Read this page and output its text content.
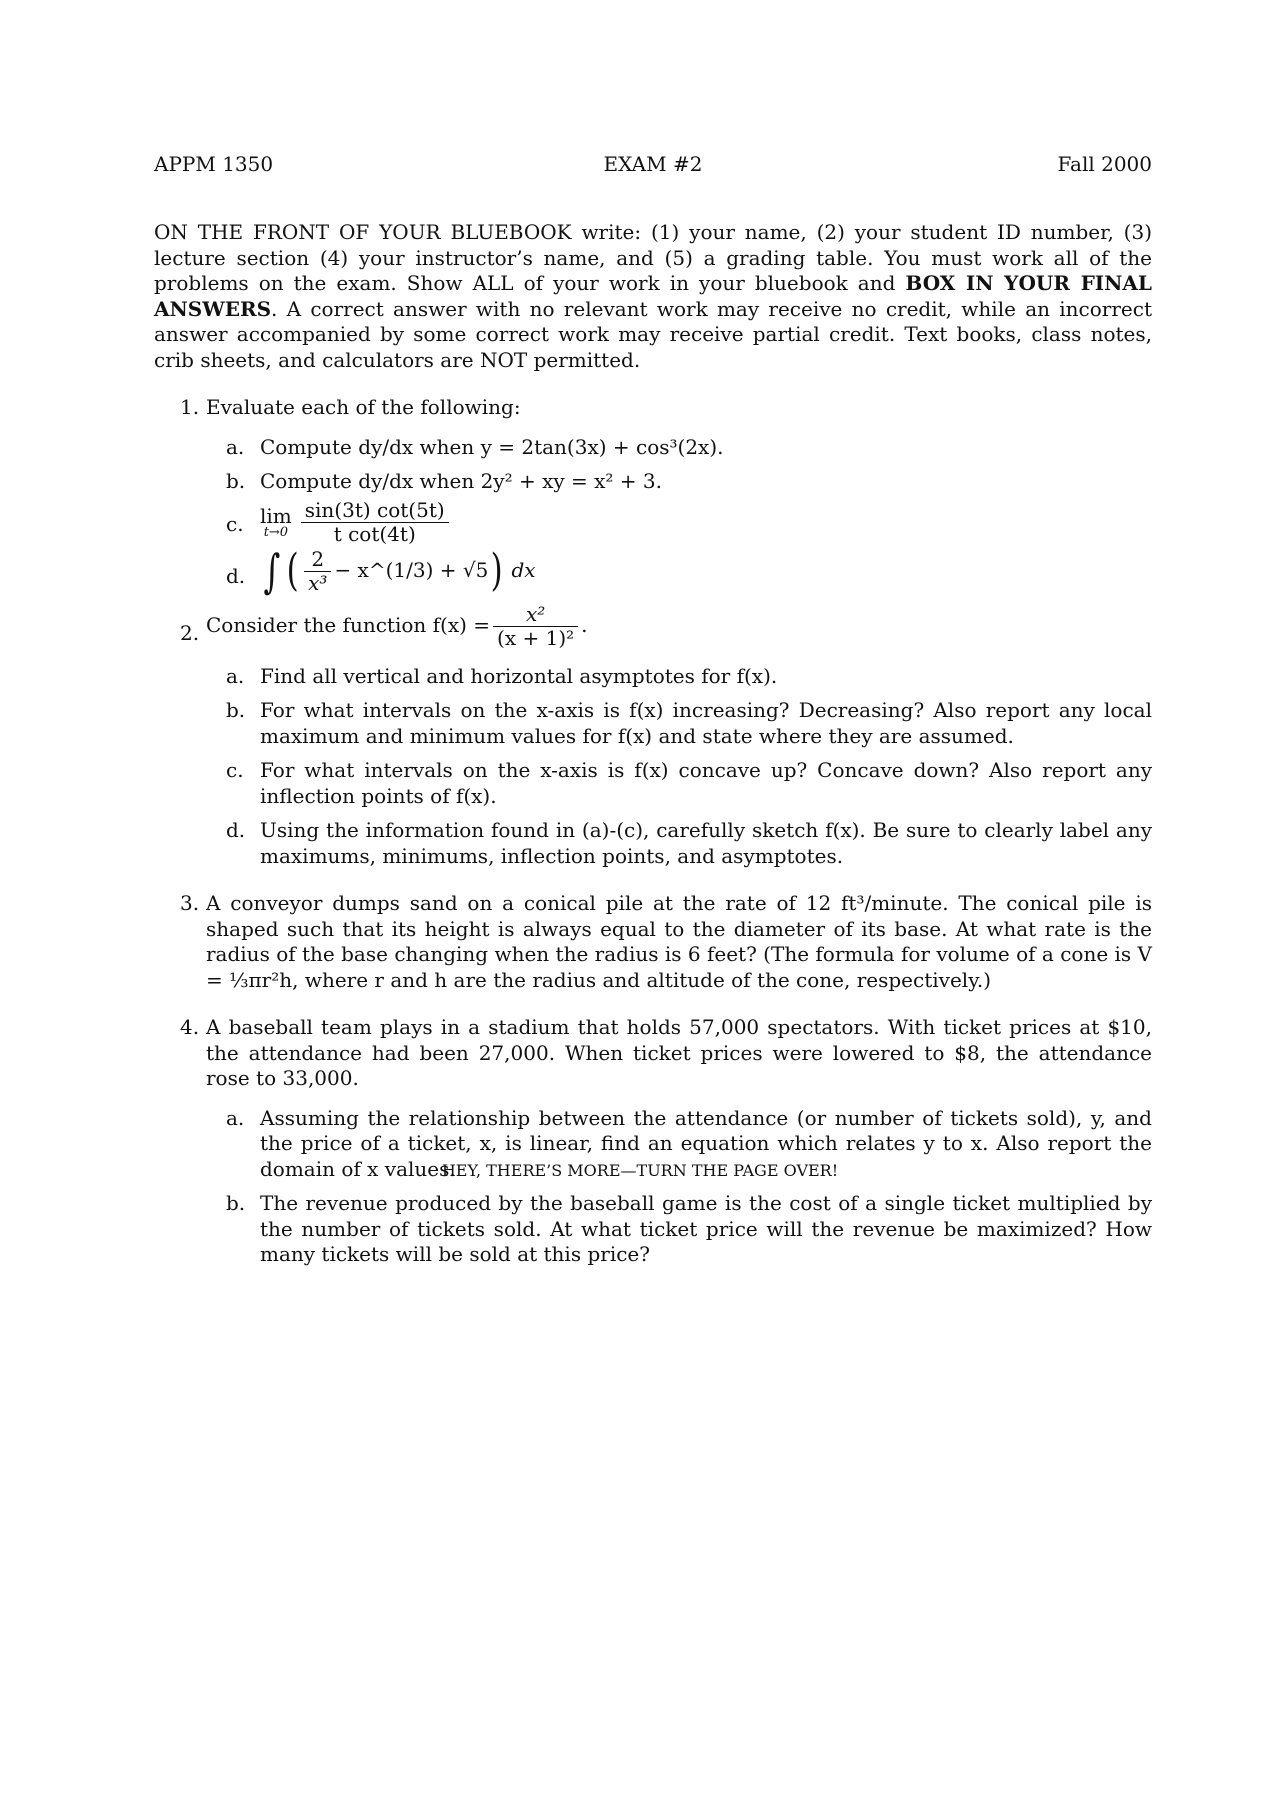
APPM 1350	EXAM #2	Fall 2000
ON THE FRONT OF YOUR BLUEBOOK write: (1) your name, (2) your student ID number, (3) lecture section (4) your instructor’s name, and (5) a grading table. You must work all of the problems on the exam. Show ALL of your work in your bluebook and BOX IN YOUR FINAL ANSWERS. A correct answer with no relevant work may receive no credit, while an incorrect answer accompanied by some correct work may receive partial credit. Text books, class notes, crib sheets, and calculators are NOT permitted.
1. Evaluate each of the following:
a. Compute dy/dx when y = 2tan(3x) + cos³(2x).
b. Compute dy/dx when 2y² + xy = x² + 3.
c. lim
$t\to 0 \frac{\sin(3t) \cot(5t)}{\text{t cot(4t)}}$
d. ∫ ( $\frac{2}{\text{x³}}$ − x^(1/3) + √5 ) dx
2. Consider the function $f(x) = \frac{\text{x²}}{\text{(x + 1)²}}$ .
a. Find all vertical and horizontal asymptotes for f(x).
b. For what intervals on the x-axis is f(x) increasing? Decreasing? Also report any local maximum and minimum values for f(x) and state where they are assumed.
c. For what intervals on the x-axis is f(x) concave up? Concave down? Also report any inflection points of f(x).
d. Using the information found in (a)-(c), carefully sketch f(x). Be sure to clearly label any maximums, minimums, inflection points, and asymptotes.
3. A conveyor dumps sand on a conical pile at the rate of 12 ft³/minute. The conical pile is shaped such that its height is always equal to the diameter of its base. At what rate is the radius of the base changing when the radius is 6 feet? (The formula for volume of a cone is V = ⅓πr²h, where r and h are the radius and altitude of the cone, respectively.)
4. A baseball team plays in a stadium that holds 57,000 spectators. With ticket prices at $10, the attendance had been 27,000. When ticket prices were lowered to $8, the attendance rose to 33,000.
a. Assuming the relationship between the attendance (or number of tickets sold), y, and the price of a ticket, x, is linear, find an equation which relates y to x. Also report the domain of x values.
b. The revenue produced by the baseball game is the cost of a single ticket multiplied by the number of tickets sold. At what ticket price will the revenue be maximized? How many tickets will be sold at this price?
HEY, THERE’S MORE—TURN THE PAGE OVER!
